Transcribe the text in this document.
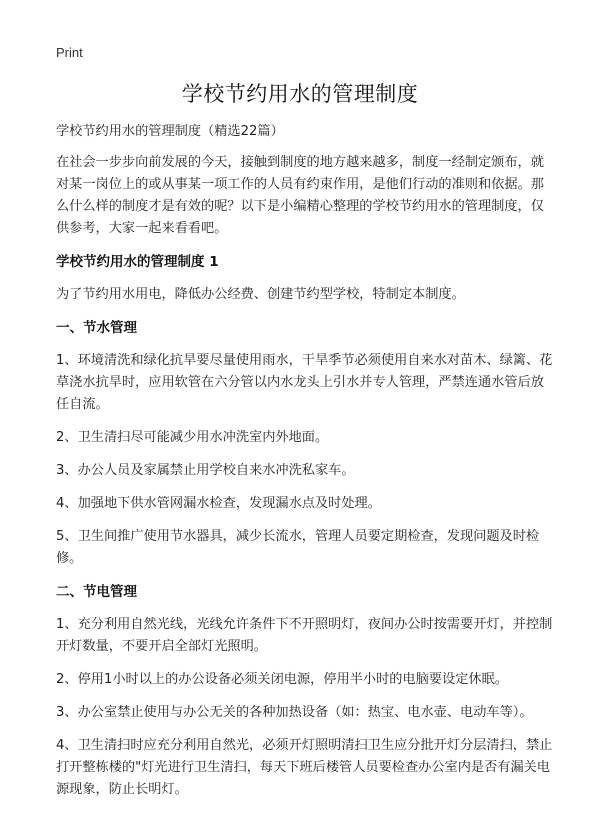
Print
学校节约用水的管理制度

学校节约用水的管理制度（精选22篇）

在社会一步步向前发展的今天，接触到制度的地方越来越多，制度一经制定颁布，就对某一岗位上的或从事某一项工作的人员有约束作用，是他们行动的准则和依据。那么什么样的制度才是有效的呢？以下是小编精心整理的学校节约用水的管理制度，仅供参考，大家一起来看看吧。

学校节约用水的管理制度 1

为了节约用水用电，降低办公经费、创建节约型学校，特制定本制度。

一、节水管理

1、环境清洗和绿化抗旱要尽量使用雨水，干旱季节必须使用自来水对苗木、绿篱、花草浇水抗旱时，应用软管在六分管以内水龙头上引水并专人管理，严禁连通水管后放任自流。

2、卫生清扫尽可能减少用水冲洗室内外地面。

3、办公人员及家属禁止用学校自来水冲洗私家车。

4、加强地下供水管网漏水检查，发现漏水点及时处理。

5、卫生间推广使用节水器具，减少长流水，管理人员要定期检查，发现问题及时检修。

二、节电管理

1、充分利用自然光线，光线允许条件下不开照明灯，夜间办公时按需要开灯，并控制开灯数量，不要开启全部灯光照明。

2、停用1小时以上的办公设备必须关闭电源，停用半小时的电脑要设定休眠。

3、办公室禁止使用与办公无关的各种加热设备（如：热宝、电水壶、电动车等）。

4、卫生清扫时应充分利用自然光，必须开灯照明清扫卫生应分批开灯分层清扫，禁止打开整栋楼的"灯光进行卫生清扫，每天下班后楼管人员要检查办公室内是否有漏关电源现象，防止长明灯。
